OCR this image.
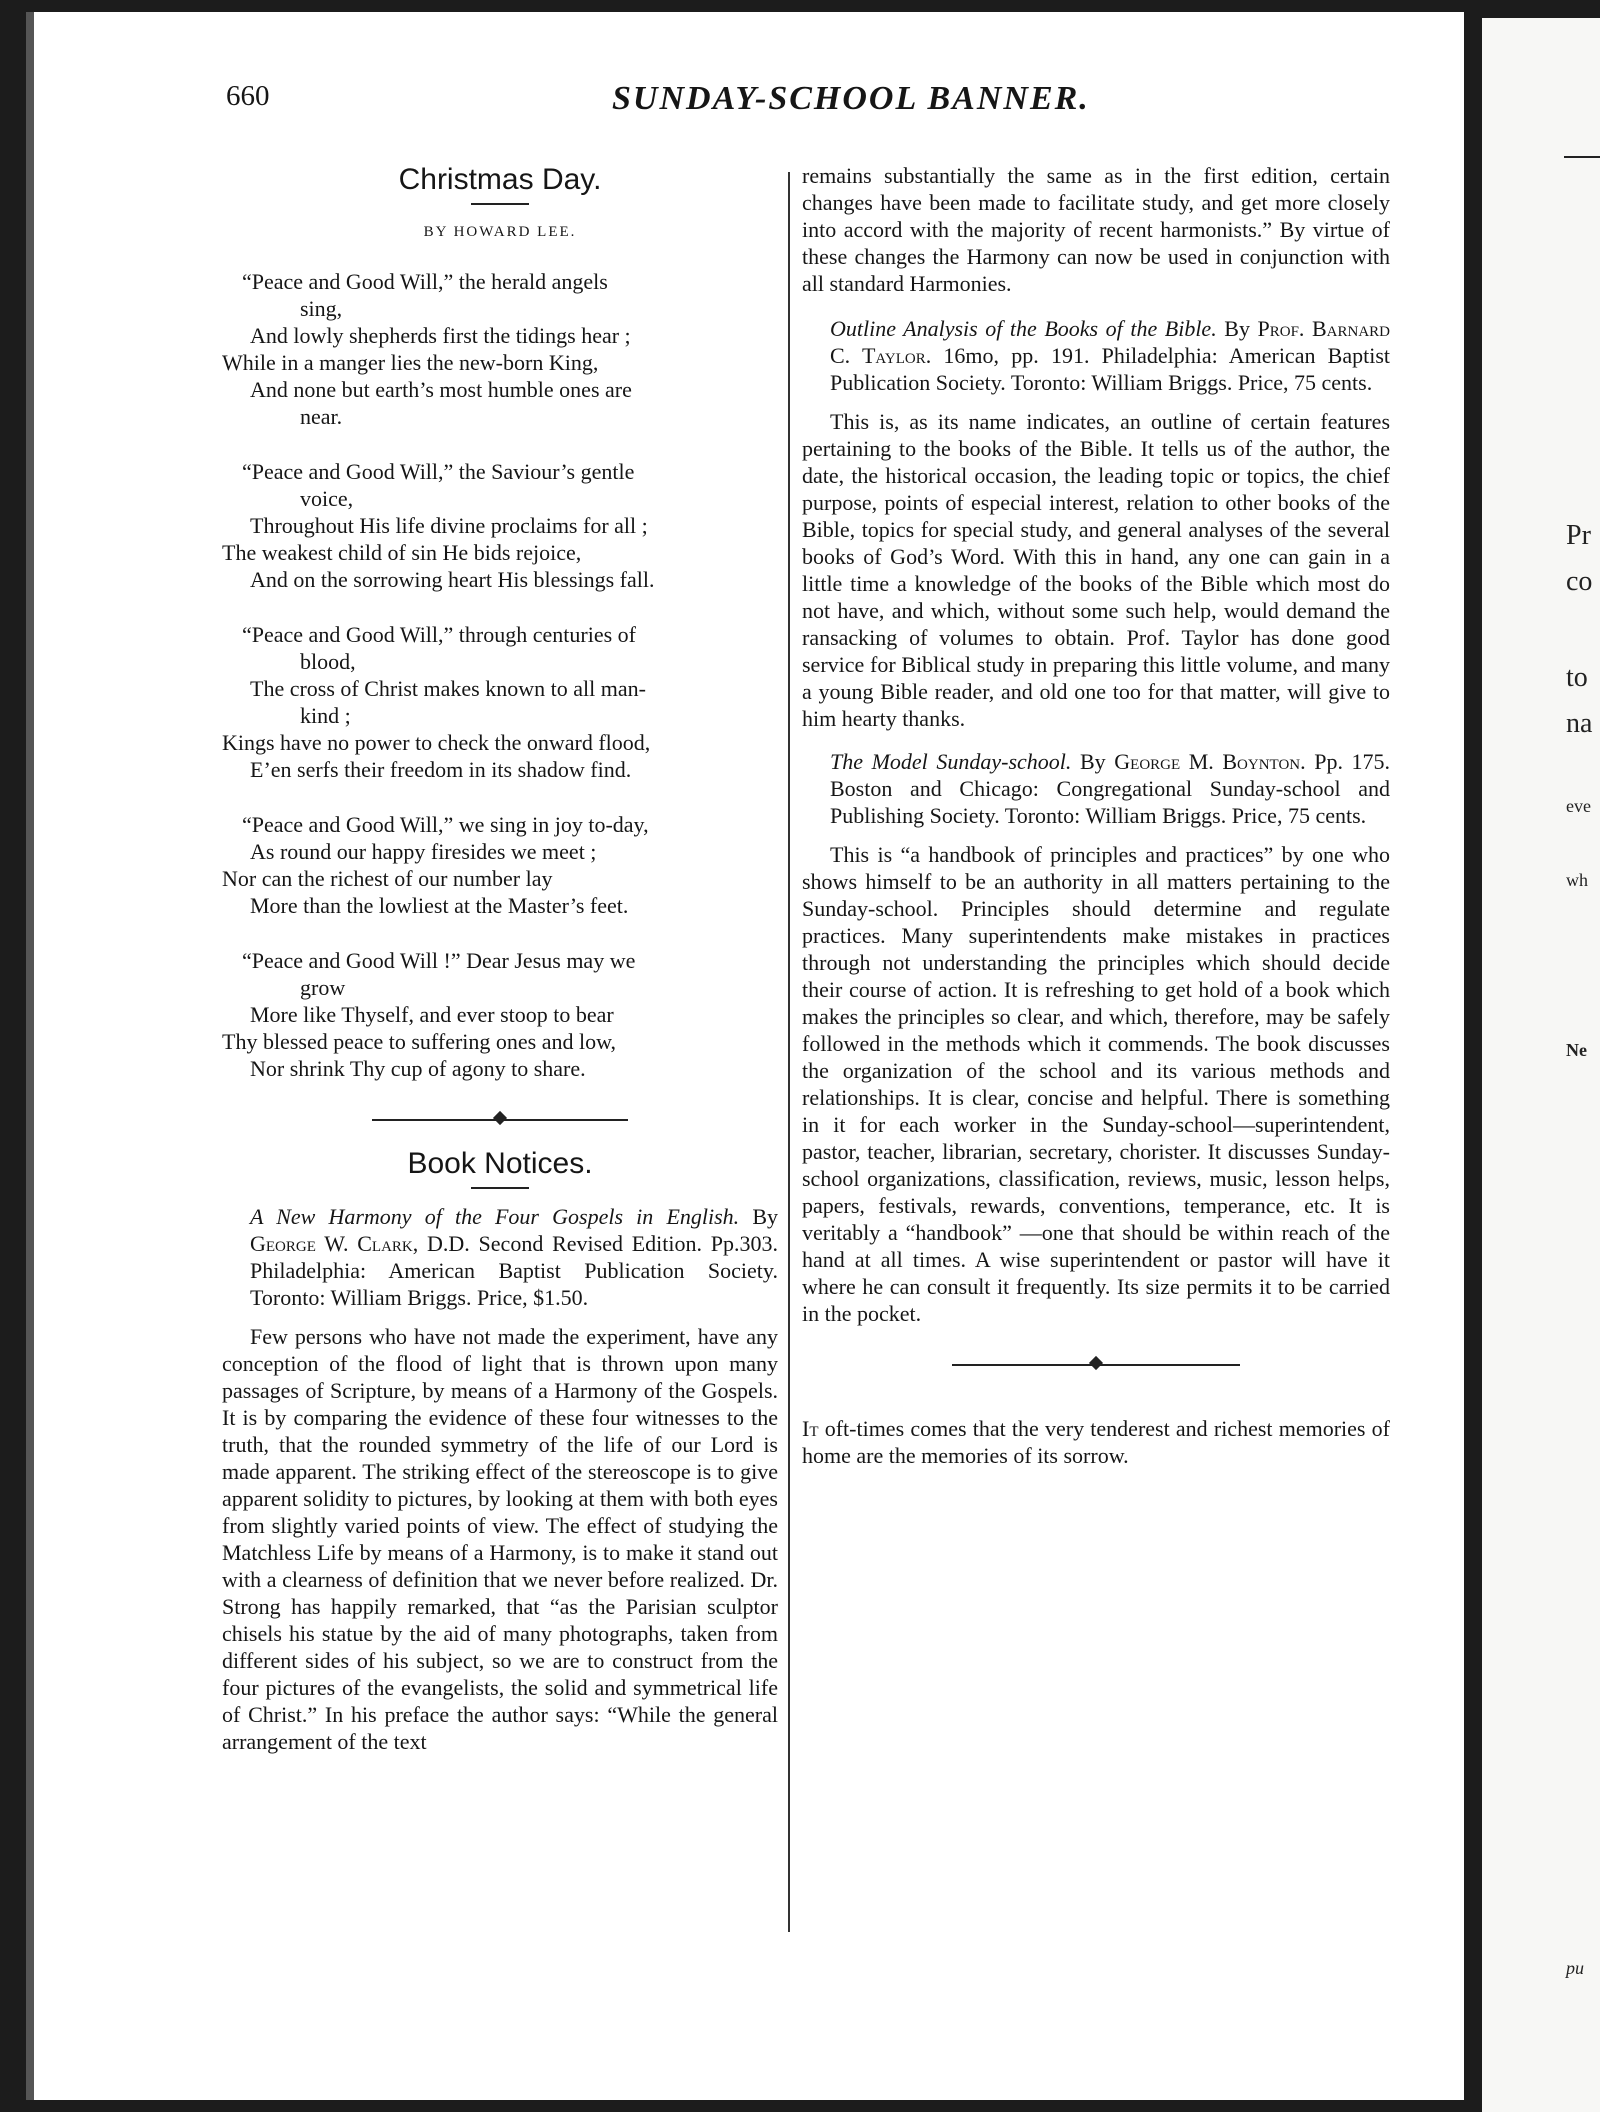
660	SUNDAY-SCHOOL BANNER.
Christmas Day.
BY HOWARD LEE.

“Peace and Good Will,” the herald angels

sing,

And lowly shepherds first the tidings hear ;

While in a manger lies the new-born King,

And none but earth’s most humble ones are

near.

“Peace and Good Will,” the Saviour’s gentle

voice,

Throughout His life divine proclaims for all ;

The weakest child of sin He bids rejoice,

And on the sorrowing heart His blessings fall.

“Peace and Good Will,” through centuries of

blood,

The cross of Christ makes known to all man-

kind ;

Kings have no power to check the onward flood,

E’en serfs their freedom in its shadow find.

“Peace and Good Will,” we sing in joy to-day,

As round our happy firesides we meet ;

Nor can the richest of our number lay

More than the lowliest at the Master’s feet.

“Peace and Good Will !” Dear Jesus may we

grow

More like Thyself, and ever stoop to bear

Thy blessed peace to suffering ones and low,

Nor shrink Thy cup of agony to share.

Book Notices.

A New Harmony of the Four Gospels in English. By George W. Clark, D.D. Second Revised Edition. Pp.303. Philadelphia: American Baptist Publication Society. Toronto: William Briggs. Price, $1.50.

Few persons who have not made the experiment, have any conception of the flood of light that is thrown upon many passages of Scripture, by means of a Harmony of the Gospels. It is by comparing the evidence of these four witnesses to the truth, that the rounded symmetry of the life of our Lord is made apparent. The striking effect of the stereoscope is to give apparent solidity to pictures, by looking at them with both eyes from slightly varied points of view. The effect of studying the Matchless Life by means of a Harmony, is to make it stand out with a clearness of definition that we never before realized. Dr. Strong has happily remarked, that “as the Parisian sculptor chisels his statue by the aid of many photographs, taken from different sides of his subject, so we are to construct from the four pictures of the evangelists, the solid and symmetrical life of Christ.” In his preface the author says: “While the general arrangement of the text

remains substantially the same as in the first edition, certain changes have been made to facilitate study, and get more closely into accord with the majority of recent harmonists.” By virtue of these changes the Harmony can now be used in conjunction with all standard Harmonies.

Outline Analysis of the Books of the Bible. By Prof. Barnard C. Taylor. 16mo, pp. 191. Philadelphia: American Baptist Publication Society. Toronto: William Briggs. Price, 75 cents.

This is, as its name indicates, an outline of certain features pertaining to the books of the Bible. It tells us of the author, the date, the historical occasion, the leading topic or topics, the chief purpose, points of especial interest, relation to other books of the Bible, topics for special study, and general analyses of the several books of God’s Word. With this in hand, any one can gain in a little time a knowledge of the books of the Bible which most do not have, and which, without some such help, would demand the ransacking of volumes to obtain. Prof. Taylor has done good service for Biblical study in preparing this little volume, and many a young Bible reader, and old one too for that matter, will give to him hearty thanks.

The Model Sunday-school. By George M. Boynton. Pp. 175. Boston and Chicago: Congregational Sunday-school and Publishing Society. Toronto: William Briggs. Price, 75 cents.

This is “a handbook of principles and practices” by one who shows himself to be an authority in all matters pertaining to the Sunday-school. Principles should determine and regulate practices. Many superintendents make mistakes in practices through not understanding the principles which should decide their course of action. It is refreshing to get hold of a book which makes the principles so clear, and which, therefore, may be safely followed in the methods which it commends. The book discusses the organization of the school and its various methods and relationships. It is clear, concise and helpful. There is something in it for each worker in the Sunday-school—superintendent, pastor, teacher, librarian, secretary, chorister. It discusses Sunday-school organizations, classification, reviews, music, lesson helps, papers, festivals, rewards, conventions, temperance, etc. It is veritably a “handbook” —one that should be within reach of the hand at all times. A wise superintendent or pastor will have it where he can consult it frequently. Its size permits it to be carried in the pocket.

It oft-times comes that the very tenderest and richest memories of home are the memories of its sorrow.

Pr
co
to
na
eve
wh
Ne
pu
